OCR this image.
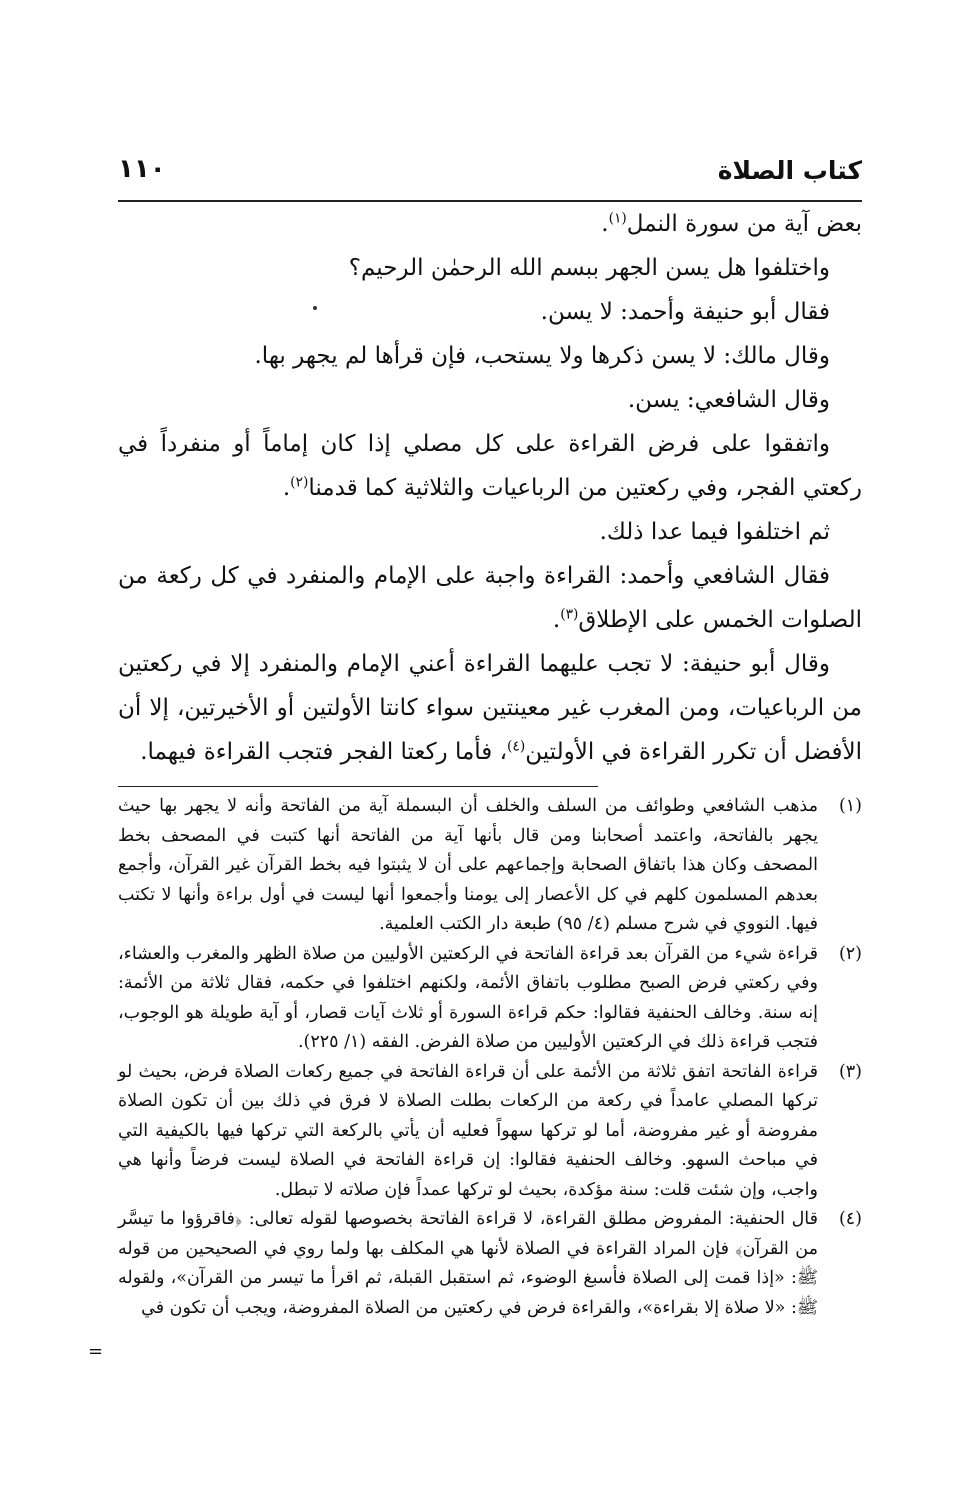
كتاب الصلاة
١١٠

بعض آية من سورة النمل$^{(١)}$.

واختلفوا هل يسن الجهر ببسم الله الرحمٰن الرحيم؟

فقال أبو حنيفة وأحمد: لا يسن.

وقال مالك: لا يسن ذكرها ولا يستحب، فإن قرأها لم يجهر بها.

وقال الشافعي: يسن.

واتفقوا على فرض القراءة على كل مصلي إذا كان إماماً أو منفرداً في ركعتي الفجر، وفي ركعتين من الرباعيات والثلاثية كما قدمنا$^{(٢)}$.

ثم اختلفوا فيما عدا ذلك.

فقال الشافعي وأحمد: القراءة واجبة على الإمام والمنفرد في كل ركعة من الصلوات الخمس على الإطلاق$^{(٣)}$.

وقال أبو حنيفة: لا تجب عليهما القراءة أعني الإمام والمنفرد إلا في ركعتين من الرباعيات، ومن المغرب غير معينتين سواء كانتا الأولتين أو الأخيرتين، إلا أن الأفضل أن تكرر القراءة في الأولتين$^{(٤)}$، فأما ركعتا الفجر فتجب القراءة فيهما.

(١)
مذهب الشافعي وطوائف من السلف والخلف أن البسملة آية من الفاتحة وأنه لا يجهر بها حيث يجهر بالفاتحة، واعتمد أصحابنا ومن قال بأنها آية من الفاتحة أنها كتبت في المصحف بخط المصحف وكان هذا باتفاق الصحابة وإجماعهم على أن لا يثبتوا فيه بخط القرآن غير القرآن، وأجمع بعدهم المسلمون كلهم في كل الأعصار إلى يومنا وأجمعوا أنها ليست في أول براءة وأنها لا تكتب فيها. النووي في شرح مسلم (٤/ ٩٥) طبعة دار الكتب العلمية.
(٢)
قراءة شيء من القرآن بعد قراءة الفاتحة في الركعتين الأوليين من صلاة الظهر والمغرب والعشاء، وفي ركعتي فرض الصبح مطلوب باتفاق الأئمة، ولكنهم اختلفوا في حكمه، فقال ثلاثة من الأئمة: إنه سنة. وخالف الحنفية فقالوا: حكم قراءة السورة أو ثلاث آيات قصار، أو آية طويلة هو الوجوب، فتجب قراءة ذلك في الركعتين الأوليين من صلاة الفرض. الفقه (١/ ٢٢٥).
(٣)
قراءة الفاتحة اتفق ثلاثة من الأئمة على أن قراءة الفاتحة في جميع ركعات الصلاة فرض، بحيث لو تركها المصلي عامداً في ركعة من الركعات بطلت الصلاة لا فرق في ذلك بين أن تكون الصلاة مفروضة أو غير مفروضة، أما لو تركها سهواً فعليه أن يأتي بالركعة التي تركها فيها بالكيفية التي في مباحث السهو. وخالف الحنفية فقالوا: إن قراءة الفاتحة في الصلاة ليست فرضاً وأنها هي واجب، وإن شئت قلت: سنة مؤكدة، بحيث لو تركها عمداً فإن صلاته لا تبطل.
(٤)
قال الحنفية: المفروض مطلق القراءة، لا قراءة الفاتحة بخصوصها لقوله تعالى: ﴿فاقرؤوا ما تيسَّر من القرآن﴾ فإن المراد القراءة في الصلاة لأنها هي المكلف بها ولما روي في الصحيحين من قوله ﷺ: «إذا قمت إلى الصلاة فأسبغ الوضوء، ثم استقبل القبلة، ثم اقرأ ما تيسر من القرآن»، ولقوله ﷺ: «لا صلاة إلا بقراءة»، والقراءة فرض في ركعتين من الصلاة المفروضة، ويجب أن تكون في
=
